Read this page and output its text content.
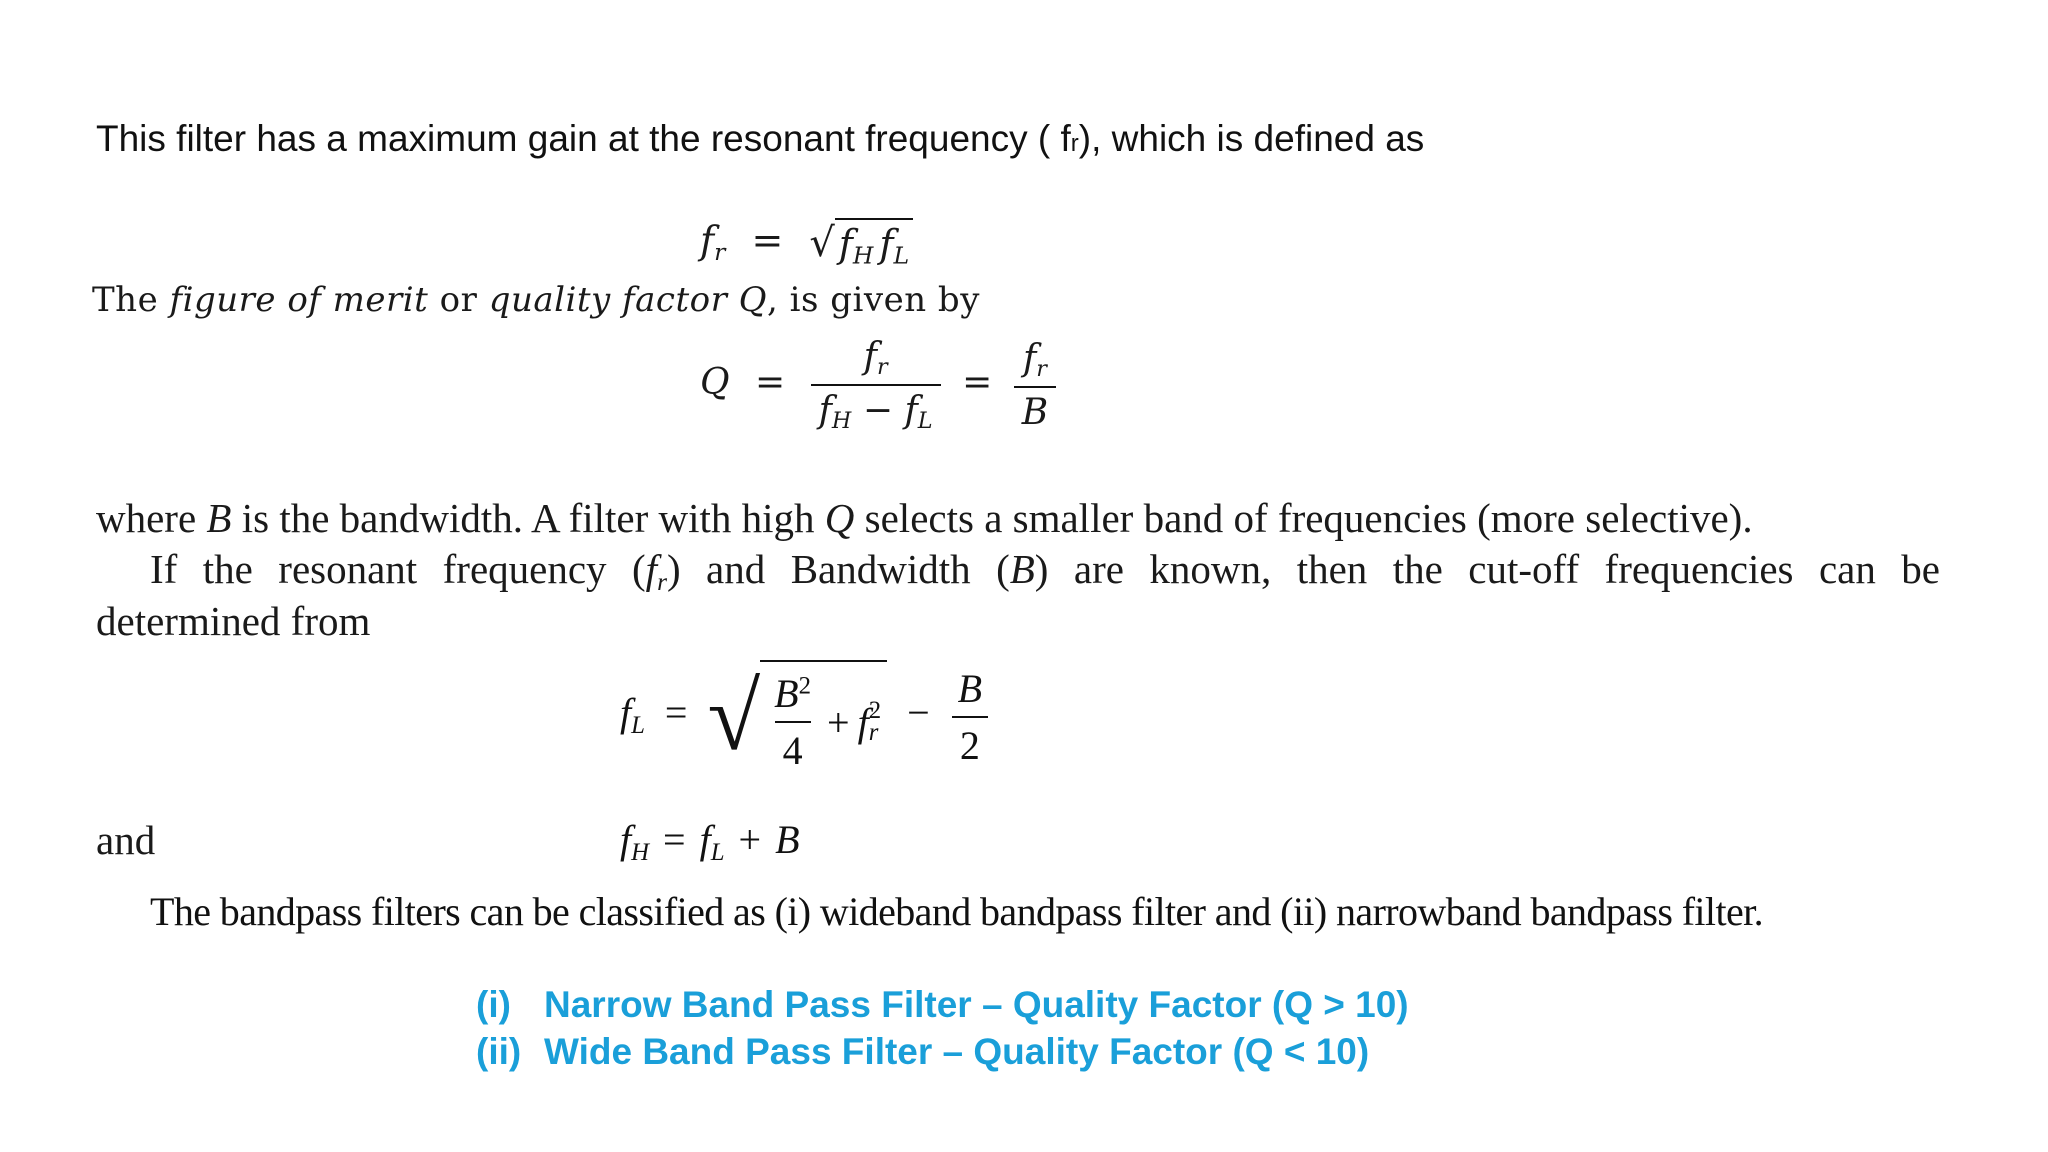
This filter has a maximum gain at the resonant frequency ( fr), which is defined as
fr = √ fH fL
The figure of merit or quality factor Q, is given by
$Q = \frac{fr}{fH - fL} = \frac{fr}{B}$
where B is the bandwidth. A filter with high Q selects a smaller band of frequencies (more selective).
If the resonant frequency (fr) and Bandwidth (B) are known, then the cut-off frequencies can be
determined from
fL = √ $\frac{B^2}{4} + f$ 2
$r - \frac{B}{2}$
and	fH = fL + B
The bandpass filters can be classified as (i) wideband bandpass filter and (ii) narrowband bandpass filter.
(i) Narrow Band Pass Filter – Quality Factor (Q > 10)
(ii) Wide Band Pass Filter – Quality Factor (Q < 10)
